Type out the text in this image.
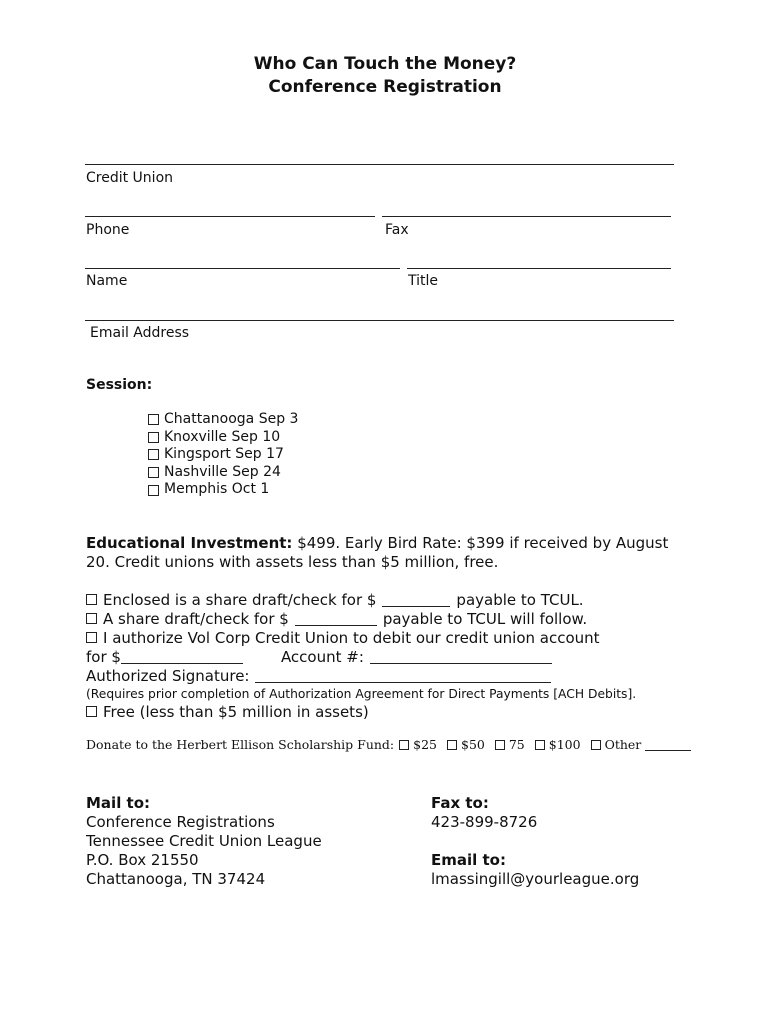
Who Can Touch the Money?
Conference Registration
Credit Union
Phone	Fax
Name	Title
Email Address
Session:
Chattanooga Sep 3
Knoxville Sep 10
Kingsport Sep 17
Nashville Sep 24
Memphis Oct 1
Educational Investment: $499. Early Bird Rate: $399 if received by August
20. Credit unions with assets less than $5 million, free.
Enclosed is a share draft/check for $	payable to TCUL.
A share draft/check for $	payable to TCUL will follow.
I authorize Vol Corp Credit Union to debit our credit union account
for $	Account #:
Authorized Signature:
(Requires prior completion of Authorization Agreement for Direct Payments [ACH Debits].
Free (less than $5 million in assets)
Donate to the Herbert Ellison Scholarship Fund: $25 $50 75 $100 Other
Mail to:
Conference Registrations
Tennessee Credit Union League
P.O. Box 21550
Chattanooga, TN 37424
Fax to:
423-899-8726
Email to:
lmassingill@yourleague.org
